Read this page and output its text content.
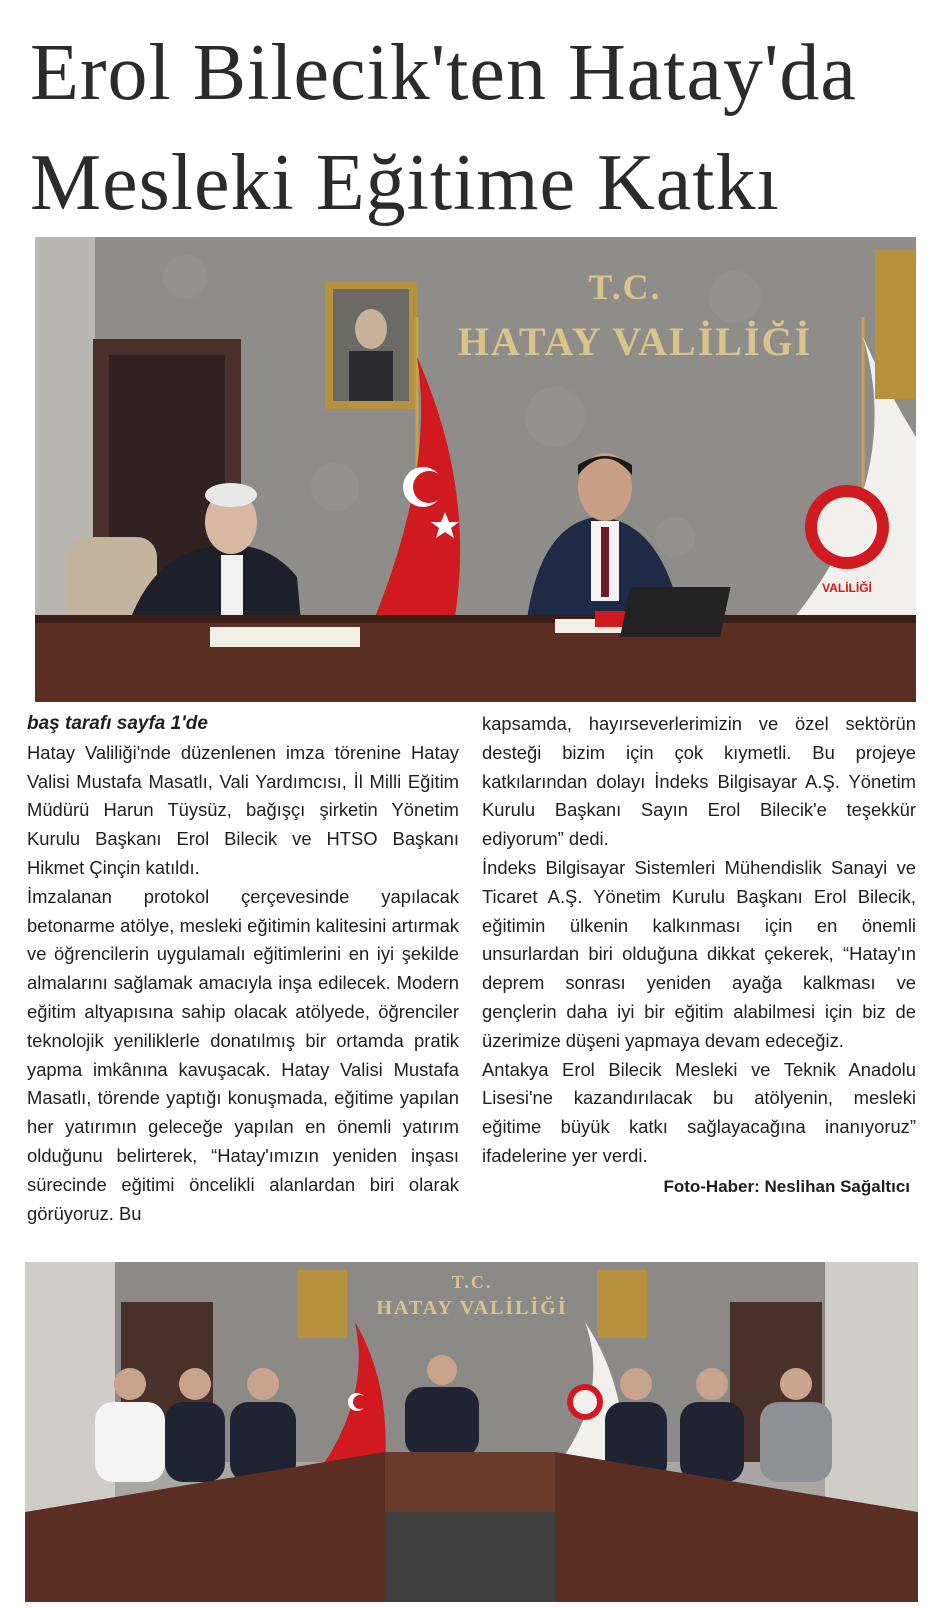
Erol Bilecik'ten Hatay'da
Mesleki Eğitime Katkı
T.C.
HATAY VALİLİĞİ
VALİLİĞİ

baş tarafı sayfa 1'de

Hatay Valiliği'nde düzenlenen imza törenine Hatay Valisi Mustafa Masatlı, Vali Yardımcısı, İl Milli Eğitim Müdürü Harun Tüysüz, bağışçı şirketin Yönetim Kurulu Başkanı Erol Bilecik ve HTSO Başkanı Hikmet Çinçin katıldı.

İmzalanan protokol çerçevesinde yapılacak betonarme atölye, mesleki eğitimin kalitesini artırmak ve öğrencilerin uygulamalı eğitimlerini en iyi şekilde almalarını sağlamak amacıyla inşa edilecek. Modern eğitim altyapısına sahip olacak atölyede, öğrenciler teknolojik yeniliklerle donatılmış bir ortamda pratik yapma imkânına kavuşacak. Hatay Valisi Mustafa Masatlı, törende yaptığı konuşmada, eğitime yapılan her yatırımın geleceğe yapılan en önemli yatırım olduğunu belirterek, “Hatay'ımızın yeniden inşası sürecinde eğitimi öncelikli alanlardan biri olarak görüyoruz. Bu

kapsamda, hayırseverlerimizin ve özel sektörün desteği bizim için çok kıymetli. Bu projeye katkılarından dolayı İndeks Bilgisayar A.Ş. Yönetim Kurulu Başkanı Sayın Erol Bilecik'e teşekkür ediyorum” dedi.

İndeks Bilgisayar Sistemleri Mühendislik Sanayi ve Ticaret A.Ş. Yönetim Kurulu Başkanı Erol Bilecik, eğitimin ülkenin kalkınması için en önemli unsurlardan biri olduğuna dikkat çekerek, “Hatay'ın deprem sonrası yeniden ayağa kalkması ve gençlerin daha iyi bir eğitim alabilmesi için biz de üzerimize düşeni yapmaya devam edeceğiz.

Antakya Erol Bilecik Mesleki ve Teknik Anadolu Lisesi'ne kazandırılacak bu atölyenin, mesleki eğitime büyük katkı sağlayacağına inanıyoruz” ifadelerine yer verdi.

Foto-Haber: Neslihan Sağaltıcı

T.C.
HATAY VALİLİĞİ
